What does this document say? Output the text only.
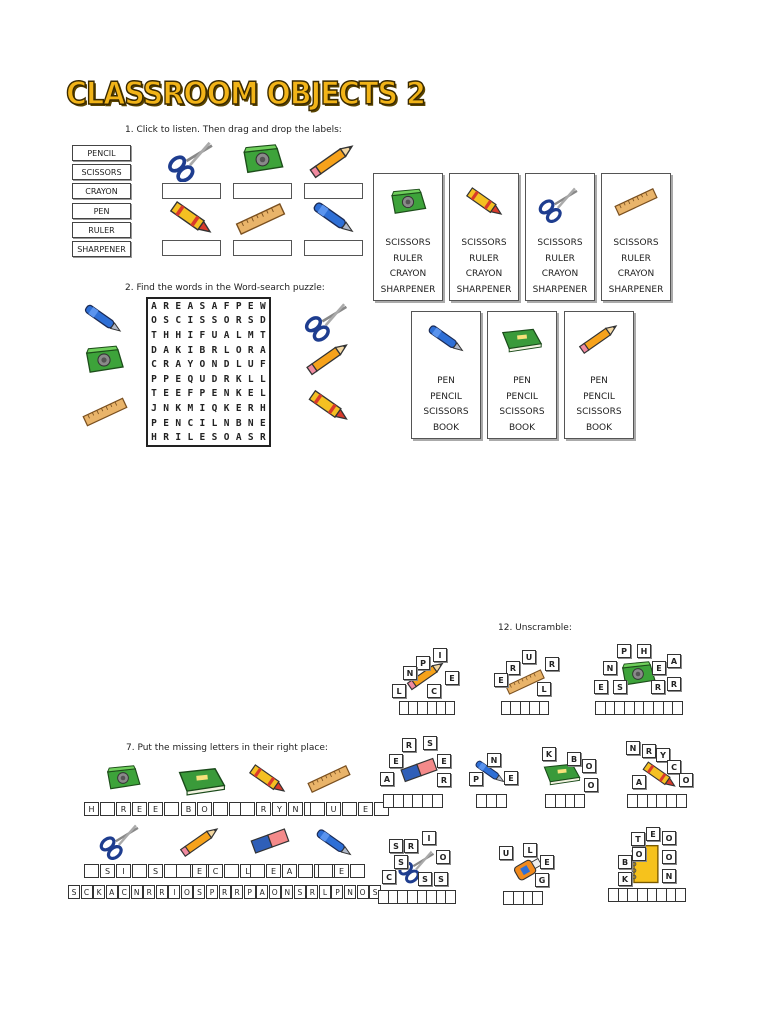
CLASSROOM OBJECTS 2
1. Click to listen. Then drag and drop the labels:
PENCIL
SCISSORS
CRAYON
PEN
RULER
SHARPENER
SCISSORS
RULER
CRAYON
SHARPENER
SCISSORS
RULER
CRAYON
SHARPENER
SCISSORS
RULER
CRAYON
SHARPENER
SCISSORS
RULER
CRAYON
SHARPENER
PEN
PENCIL
SCISSORS
BOOK
PEN
PENCIL
SCISSORS
BOOK
PEN
PENCIL
SCISSORS
BOOK
2. Find the words in the Word-search puzzle:
A	R	E	A	S	A	F	P	E	W
O	S	C	I	S	S	O	R	S	D
T	H	H	I	F	U	A	L	M	T
D	A	K	I	B	R	L	O	R	A
C	R	A	Y	O	N	D	L	U	F
P	P	E	Q	U	D	R	K	L	L
T	E	E	F	P	E	N	K	E	L
J	N	K	M	I	Q	K	E	R	H
P	E	N	C	I	L	N	B	N	E
H	R	I	L	E	S	O	A	S	R
7. Put the missing letters in their right place:
H	R	E	E	B	O	R	Y	N	U	E
S	I	S	E	C	L	E	A	E
S	C K	A C N R R	I	O S	P	R R	P	A O N S	R	L	P N O S
12. Unscramble:
P
I
N
E
L	C
U
R	R
E
L
P	H
N	E
A
E	S	R	R
R	S
E	E
A	R
N
P	E
K
B
O
O
N	R	Y
C
A	O
S	R
I
S
O
C	S	S
U	L
E
G
T
E	O
O
B
O
K	N
